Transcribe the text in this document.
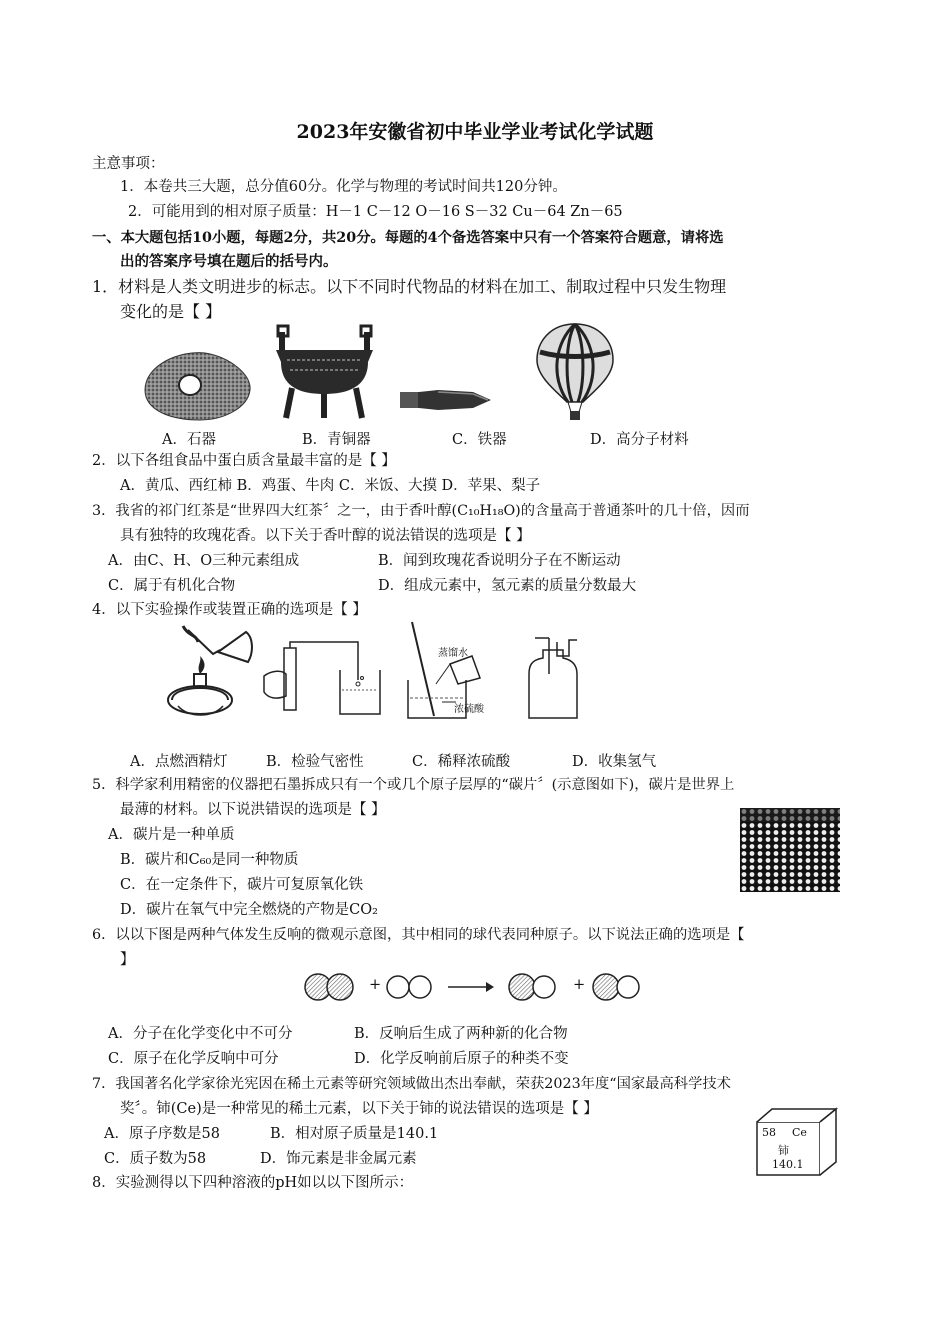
2023年安徽省初中毕业学业考试化学试题
主意事项：
1．本卷共三大题，总分值60分。化学与物理的考试时间共120分钟。
2．可能用到的相对原子质量：H－1 C－12 O－16 S－32 Cu－64 Zn－65
一、本大题包括10小题，每题2分，共20分。每题的4个备选答案中只有一个答案符合题意，请将选
出的答案序号填在题后的括号内。
1．材料是人类文明进步的标志。以下不同时代物品的材料在加工、制取过程中只发生物理
变化的是【 】
A．石器	B．青铜器	C．铁器	D．高分子材料
2．以下各组食品中蛋白质含量最丰富的是【 】
A．黄瓜、西红柿 B．鸡蛋、牛肉 C．米饭、大摸 D．苹果、梨子
3．我省的祁门红茶是“世界四大红茶〞之一，由于香叶醇(C₁₀H₁₈O)的含量高于普通茶叶的几十倍，因而
具有独特的玫瑰花香。以下关于香叶醇的说法错误的选项是【 】
A．由C、H、O三种元素组成	B．闻到玫瑰花香说明分子在不断运动
C．属于有机化合物	D．组成元素中，氢元素的质量分数最大
4．以下实验操作或装置正确的选项是【 】
蒸馏水
浓硫酸
A．点燃酒精灯	B．检验气密性	C．稀释浓硫酸	D．收集氢气
5．科学家利用精密的仪器把石墨拆成只有一个或几个原子层厚的“碳片〞(示意图如下)，碳片是世界上
最薄的材料。以下说洪错误的选项是【 】
A．碳片是一种单质
B．碳片和C₆₀是同一种物质
C．在一定条件下，碳片可复原氧化铁
D．碳片在氧气中完全燃烧的产物是CO₂
6．以以下图是两种气体发生反响的微观示意图，其中相同的球代表同种原子。以下说法正确的选项是【
】
+	+
A．分子在化学变化中不可分	B．反响后生成了两种新的化合物
C．原子在化学反响中可分	D．化学反响前后原子的种类不变
7．我国著名化学家徐光宪因在稀土元素等研究领域做出杰出奉献，荣获2023年度“国家最高科学技术
奖〞。铈(Ce)是一种常见的稀土元素，以下关于铈的说法错误的选项是【 】
A．原子序数是58	B．相对原子质量是140.1
C．质子数为58	D．饰元素是非金属元素
58 Ce
铈
140.1
8．实验测得以下四种溶液的pH如以以下图所示：
